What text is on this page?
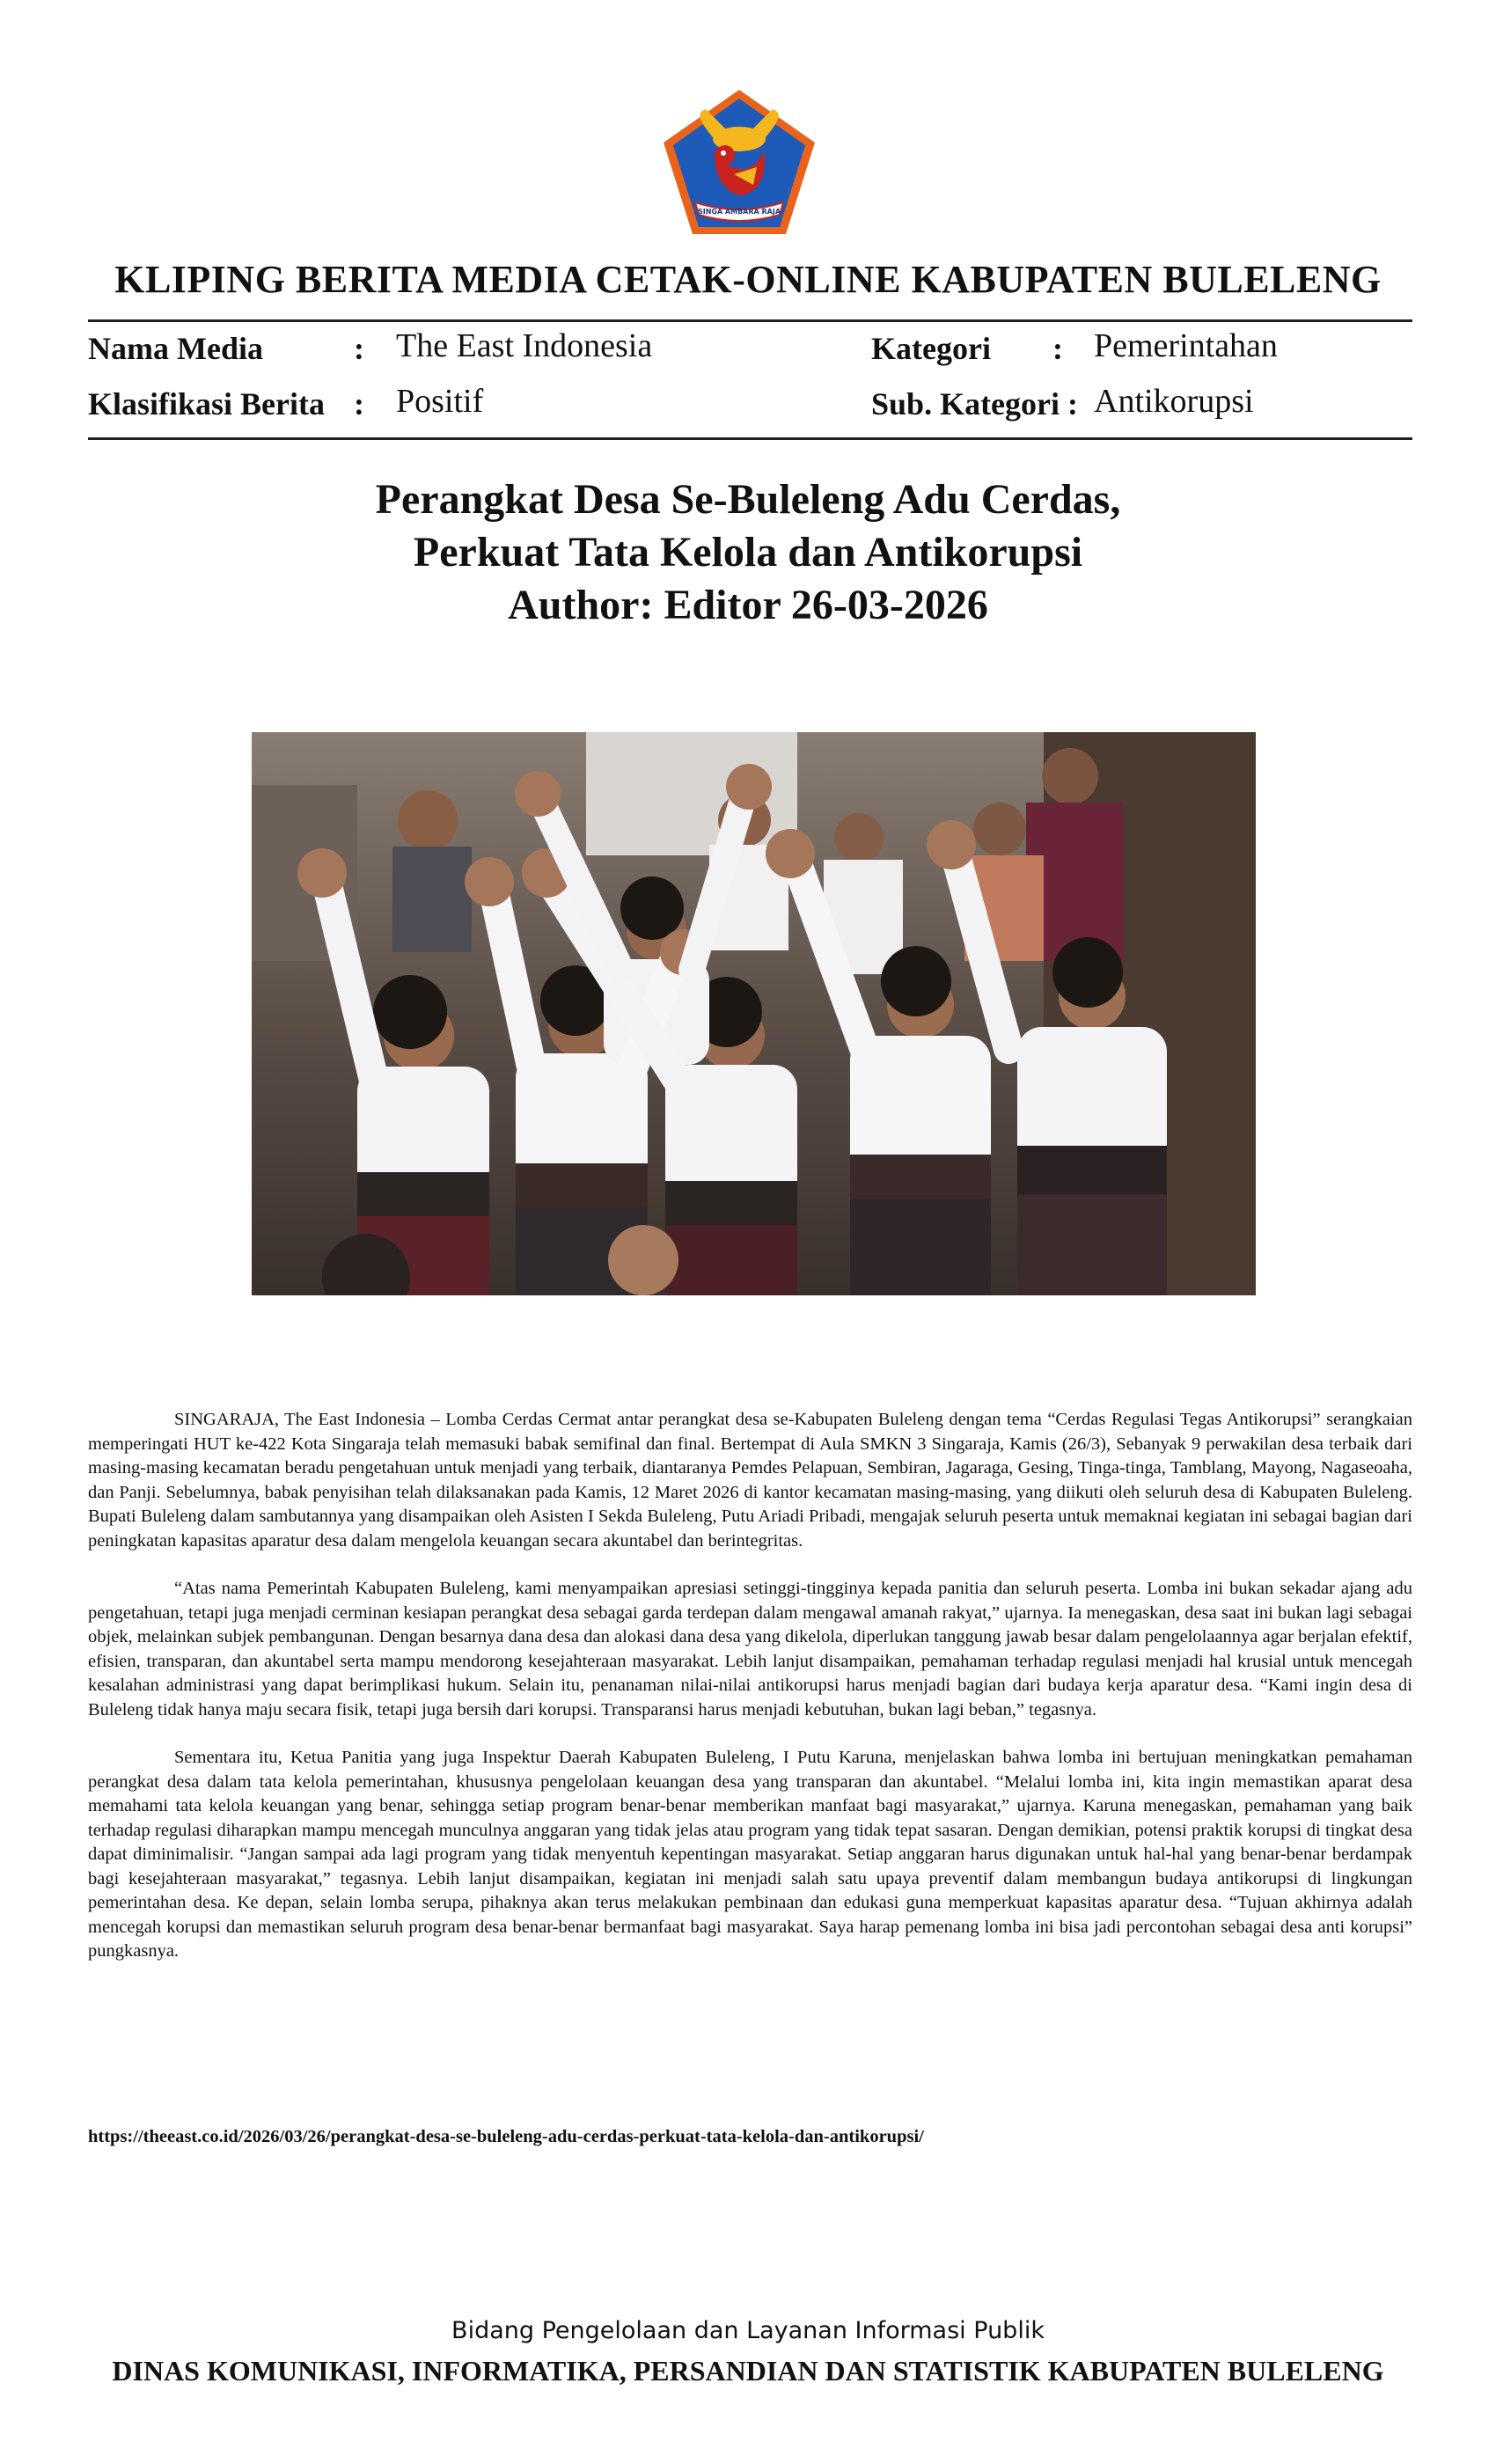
SINGA AMBARA RAJA
KLIPING BERITA MEDIA CETAK-ONLINE KABUPATEN BULELENG
Nama Media	: The East Indonesia	Kategori : Pemerintahan
Klasifikasi Berita : Positif	Sub. Kategori : Antikorupsi
Perangkat Desa Se-Buleleng Adu Cerdas,
Perkuat Tata Kelola dan Antikorupsi
Author: Editor 26-03-2026

SINGARAJA, The East Indonesia – Lomba Cerdas Cermat antar perangkat desa se-Kabupaten Buleleng dengan tema “Cerdas Regulasi Tegas Antikorupsi” serangkaian memperingati HUT ke-422 Kota Singaraja telah memasuki babak semifinal dan final. Bertempat di Aula SMKN 3 Singaraja, Kamis (26/3), Sebanyak 9 perwakilan desa terbaik dari masing-masing kecamatan beradu pengetahuan untuk menjadi yang terbaik, diantaranya Pemdes Pelapuan, Sembiran, Jagaraga, Gesing, Tinga-tinga, Tamblang, Mayong, Nagaseoaha, dan Panji. Sebelumnya, babak penyisihan telah dilaksanakan pada Kamis, 12 Maret 2026 di kantor kecamatan masing-masing, yang diikuti oleh seluruh desa di Kabupaten Buleleng. Bupati Buleleng dalam sambutannya yang disampaikan oleh Asisten I Sekda Buleleng, Putu Ariadi Pribadi, mengajak seluruh peserta untuk memaknai kegiatan ini sebagai bagian dari peningkatan kapasitas aparatur desa dalam mengelola keuangan secara akuntabel dan berintegritas.

“Atas nama Pemerintah Kabupaten Buleleng, kami menyampaikan apresiasi setinggi-tingginya kepada panitia dan seluruh peserta. Lomba ini bukan sekadar ajang adu pengetahuan, tetapi juga menjadi cerminan kesiapan perangkat desa sebagai garda terdepan dalam mengawal amanah rakyat,” ujarnya. Ia menegaskan, desa saat ini bukan lagi sebagai objek, melainkan subjek pembangunan. Dengan besarnya dana desa dan alokasi dana desa yang dikelola, diperlukan tanggung jawab besar dalam pengelolaannya agar berjalan efektif, efisien, transparan, dan akuntabel serta mampu mendorong kesejahteraan masyarakat. Lebih lanjut disampaikan, pemahaman terhadap regulasi menjadi hal krusial untuk mencegah kesalahan administrasi yang dapat berimplikasi hukum. Selain itu, penanaman nilai-nilai antikorupsi harus menjadi bagian dari budaya kerja aparatur desa. “Kami ingin desa di Buleleng tidak hanya maju secara fisik, tetapi juga bersih dari korupsi. Transparansi harus menjadi kebutuhan, bukan lagi beban,” tegasnya.

Sementara itu, Ketua Panitia yang juga Inspektur Daerah Kabupaten Buleleng, I Putu Karuna, menjelaskan bahwa lomba ini bertujuan meningkatkan pemahaman perangkat desa dalam tata kelola pemerintahan, khususnya pengelolaan keuangan desa yang transparan dan akuntabel. “Melalui lomba ini, kita ingin memastikan aparat desa memahami tata kelola keuangan yang benar, sehingga setiap program benar-benar memberikan manfaat bagi masyarakat,” ujarnya. Karuna menegaskan, pemahaman yang baik terhadap regulasi diharapkan mampu mencegah munculnya anggaran yang tidak jelas atau program yang tidak tepat sasaran. Dengan demikian, potensi praktik korupsi di tingkat desa dapat diminimalisir. “Jangan sampai ada lagi program yang tidak menyentuh kepentingan masyarakat. Setiap anggaran harus digunakan untuk hal-hal yang benar-benar berdampak bagi kesejahteraan masyarakat,” tegasnya. Lebih lanjut disampaikan, kegiatan ini menjadi salah satu upaya preventif dalam membangun budaya antikorupsi di lingkungan pemerintahan desa. Ke depan, selain lomba serupa, pihaknya akan terus melakukan pembinaan dan edukasi guna memperkuat kapasitas aparatur desa. “Tujuan akhirnya adalah mencegah korupsi dan memastikan seluruh program desa benar-benar bermanfaat bagi masyarakat. Saya harap pemenang lomba ini bisa jadi percontohan sebagai desa anti korupsi” pungkasnya.

https://theeast.co.id/2026/03/26/perangkat-desa-se-buleleng-adu-cerdas-perkuat-tata-kelola-dan-antikorupsi/
Bidang Pengelolaan dan Layanan Informasi Publik
DINAS KOMUNIKASI, INFORMATIKA, PERSANDIAN DAN STATISTIK KABUPATEN BULELENG
